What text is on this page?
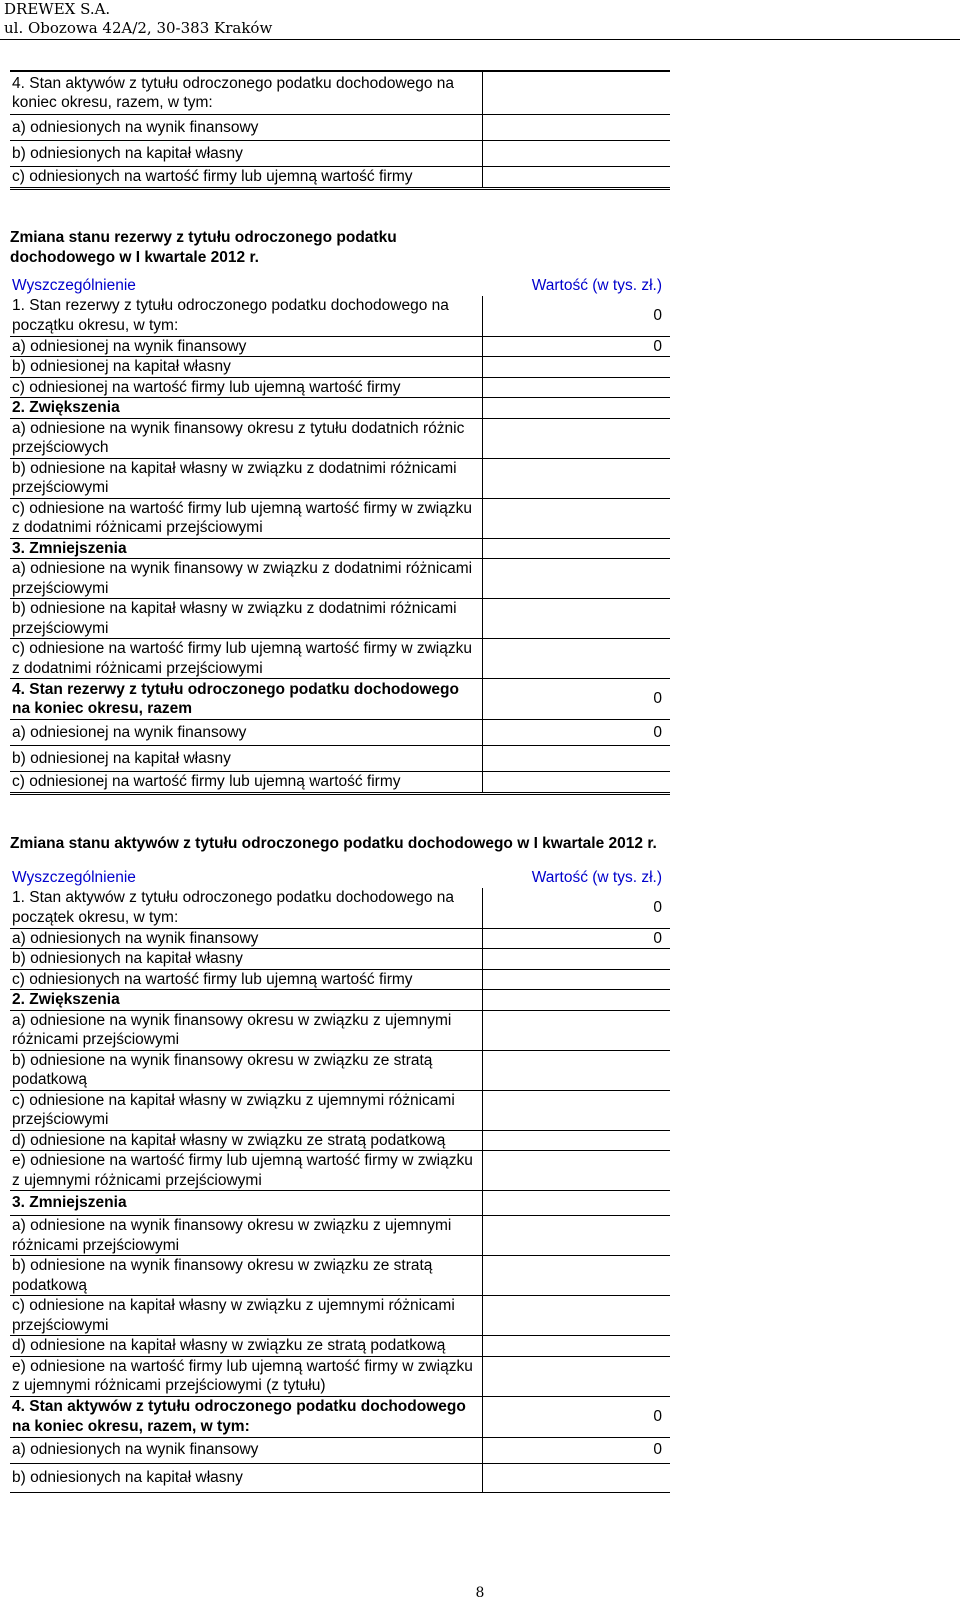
DREWEX S.A.
ul. Obozowa 42A/2, 30-383 Kraków
4. Stan aktywów z tytułu odroczonego podatku dochodowego na koniec okresu, razem, w tym:	
a) odniesionych na wynik finansowy	
b) odniesionych na kapitał własny	
c) odniesionych na wartość firmy lub ujemną wartość firmy	
Zmiana stanu rezerwy z tytułu odroczonego podatku dochodowego w I kwartale 2012 r.
Wyszczególnienie	Wartość (w tys. zł.)
1. Stan rezerwy z tytułu odroczonego podatku dochodowego na początku okresu, w tym:	0
a) odniesionej na wynik finansowy	0
b) odniesionej na kapitał własny	
c) odniesionej na wartość firmy lub ujemną wartość firmy	
2. Zwiększenia	
a) odniesione na wynik finansowy okresu z tytułu dodatnich różnic przejściowych	
b) odniesione na kapitał własny w związku z dodatnimi różnicami przejściowymi	
c) odniesione na wartość firmy lub ujemną wartość firmy w związku z dodatnimi różnicami przejściowymi	
3. Zmniejszenia	
a) odniesione na wynik finansowy w związku z dodatnimi różnicami przejściowymi	
b) odniesione na kapitał własny w związku z dodatnimi różnicami przejściowymi	
c) odniesione na wartość firmy lub ujemną wartość firmy w związku z dodatnimi różnicami przejściowymi	
4. Stan rezerwy z tytułu odroczonego podatku dochodowego na koniec okresu, razem	0
a) odniesionej na wynik finansowy	0
b) odniesionej na kapitał własny	
c) odniesionej na wartość firmy lub ujemną wartość firmy	
Zmiana stanu aktywów z tytułu odroczonego podatku dochodowego w I kwartale 2012 r.
Wyszczególnienie	Wartość (w tys. zł.)
1. Stan aktywów z tytułu odroczonego podatku dochodowego na początek okresu, w tym:	0
a) odniesionych na wynik finansowy	0
b) odniesionych na kapitał własny	
c) odniesionych na wartość firmy lub ujemną wartość firmy	
2. Zwiększenia	
a) odniesione na wynik finansowy okresu w związku z ujemnymi różnicami przejściowymi	
b) odniesione na wynik finansowy okresu w związku ze stratą podatkową	
c) odniesione na kapitał własny w związku z ujemnymi różnicami przejściowymi	
d) odniesione na kapitał własny w związku ze stratą podatkową	
e) odniesione na wartość firmy lub ujemną wartość firmy w związku z ujemnymi różnicami przejściowymi	
3. Zmniejszenia	
a) odniesione na wynik finansowy okresu w związku z ujemnymi różnicami przejściowymi	
b) odniesione na wynik finansowy okresu w związku ze stratą podatkową	
c) odniesione na kapitał własny w związku z ujemnymi różnicami przejściowymi	
d) odniesione na kapitał własny w związku ze stratą podatkową	
e) odniesione na wartość firmy lub ujemną wartość firmy w związku z ujemnymi różnicami przejściowymi (z tytułu)	
4. Stan aktywów z tytułu odroczonego podatku dochodowego na koniec okresu, razem, w tym:	0
a) odniesionych na wynik finansowy	0
b) odniesionych na kapitał własny	
8
